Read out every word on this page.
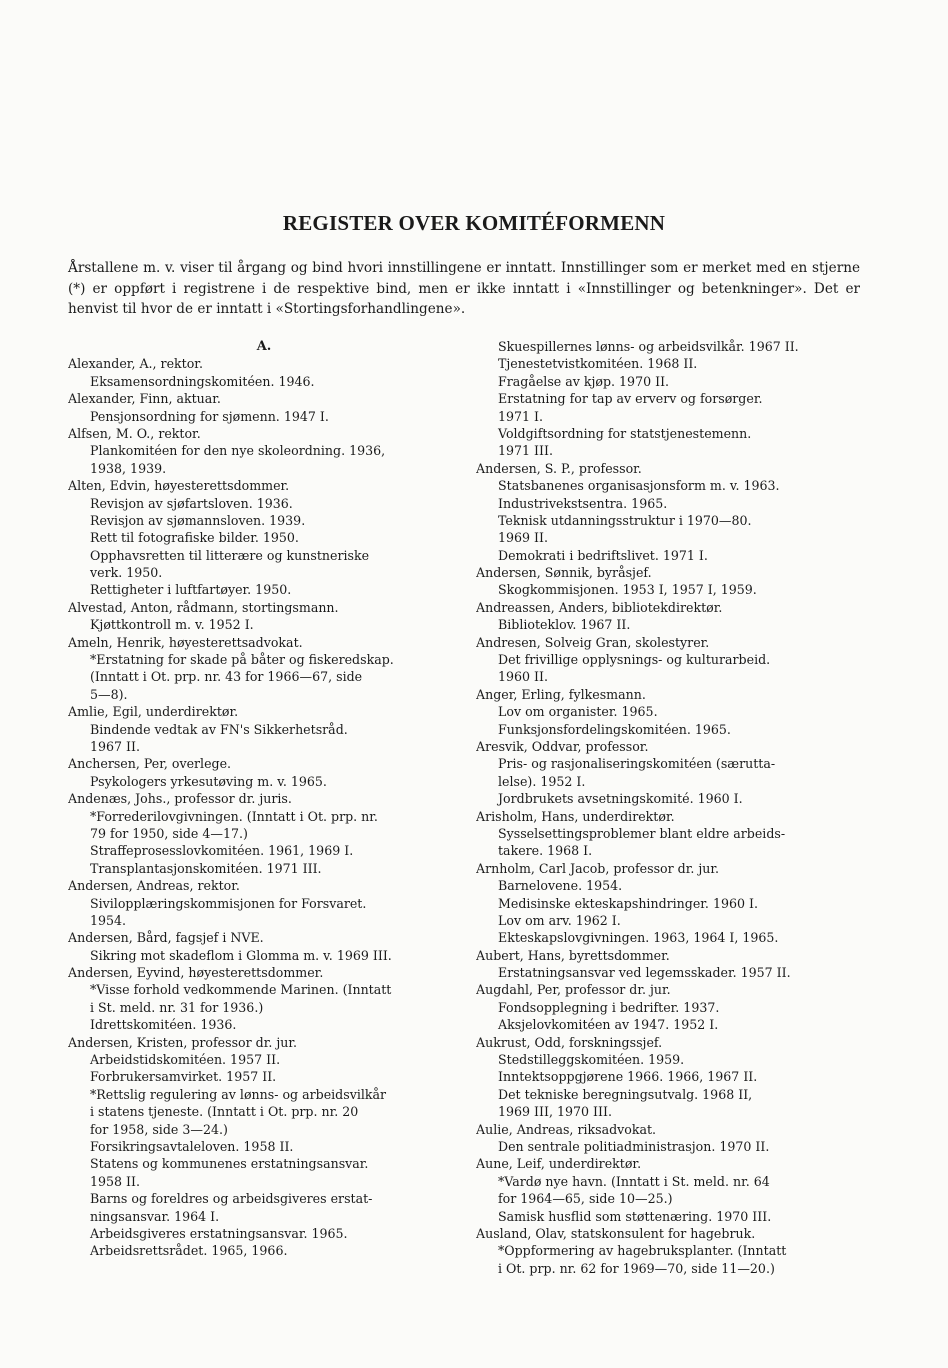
REGISTER OVER KOMITÉFORMENN
Årstallene m. v. viser til årgang og bind hvori innstillingene er inntatt. Innstillinger som er merket med en stjerne (*) er oppført i registrene i de respektive bind, men er ikke inntatt i «Innstillinger og betenkninger». Det er henvist til hvor de er inntatt i «Stortingsforhandlingene».
A.
Alexander, A., rektor.
Eksamensordningskomitéen. 1946.
Alexander, Finn, aktuar.
Pensjonsordning for sjømenn. 1947 I.
Alfsen, M. O., rektor.
Plankomitéen for den nye skoleordning. 1936,
1938, 1939.
Alten, Edvin, høyesterettsdommer.
Revisjon av sjøfartsloven. 1936.
Revisjon av sjømannsloven. 1939.
Rett til fotografiske bilder. 1950.
Opphavsretten til litterære og kunstneriske
verk. 1950.
Rettigheter i luftfartøyer. 1950.
Alvestad, Anton, rådmann, stortingsmann.
Kjøttkontroll m. v. 1952 I.
Ameln, Henrik, høyesterettsadvokat.
*Erstatning for skade på båter og fiskeredskap.
(Inntatt i Ot. prp. nr. 43 for 1966—67, side
5—8).
Amlie, Egil, underdirektør.
Bindende vedtak av FN's Sikkerhetsråd.
1967 II.
Anchersen, Per, overlege.
Psykologers yrkesutøving m. v. 1965.
Andenæs, Johs., professor dr. juris.
*Forrederilovgivningen. (Inntatt i Ot. prp. nr.
79 for 1950, side 4—17.)
Straffeprosesslovkomitéen. 1961, 1969 I.
Transplantasjonskomitéen. 1971 III.
Andersen, Andreas, rektor.
Sivilopplæringskommisjonen for Forsvaret.
1954.
Andersen, Bård, fagsjef i NVE.
Sikring mot skadeflom i Glomma m. v. 1969 III.
Andersen, Eyvind, høyesterettsdommer.
*Visse forhold vedkommende Marinen. (Inntatt
i St. meld. nr. 31 for 1936.)
Idrettskomitéen. 1936.
Andersen, Kristen, professor dr. jur.
Arbeidstidskomitéen. 1957 II.
Forbrukersamvirket. 1957 II.
*Rettslig regulering av lønns- og arbeidsvilkår
i statens tjeneste. (Inntatt i Ot. prp. nr. 20
for 1958, side 3—24.)
Forsikringsavtaleloven. 1958 II.
Statens og kommunenes erstatningsansvar.
1958 II.
Barns og foreldres og arbeidsgiveres erstat-
ningsansvar. 1964 I.
Arbeidsgiveres erstatningsansvar. 1965.
Arbeidsrettsrådet. 1965, 1966.
Skuespillernes lønns- og arbeidsvilkår. 1967 II.
Tjenestetvistkomitéen. 1968 II.
Fragåelse av kjøp. 1970 II.
Erstatning for tap av erverv og forsørger.
1971 I.
Voldgiftsordning for statstjenestemenn.
1971 III.
Andersen, S. P., professor.
Statsbanenes organisasjonsform m. v. 1963.
Industrivekstsentra. 1965.
Teknisk utdanningsstruktur i 1970—80.
1969 II.
Demokrati i bedriftslivet. 1971 I.
Andersen, Sønnik, byråsjef.
Skogkommisjonen. 1953 I, 1957 I, 1959.
Andreassen, Anders, bibliotekdirektør.
Biblioteklov. 1967 II.
Andresen, Solveig Gran, skolestyrer.
Det frivillige opplysnings- og kulturarbeid.
1960 II.
Anger, Erling, fylkesmann.
Lov om organister. 1965.
Funksjonsfordelingskomitéen. 1965.
Aresvik, Oddvar, professor.
Pris- og rasjonaliseringskomitéen (særutta-
lelse). 1952 I.
Jordbrukets avsetningskomité. 1960 I.
Arisholm, Hans, underdirektør.
Sysselsettingsproblemer blant eldre arbeids-
takere. 1968 I.
Arnholm, Carl Jacob, professor dr. jur.
Barnelovene. 1954.
Medisinske ekteskapshindringer. 1960 I.
Lov om arv. 1962 I.
Ekteskapslovgivningen. 1963, 1964 I, 1965.
Aubert, Hans, byrettsdommer.
Erstatningsansvar ved legemsskader. 1957 II.
Augdahl, Per, professor dr. jur.
Fondsopplegning i bedrifter. 1937.
Aksjelovkomitéen av 1947. 1952 I.
Aukrust, Odd, forskningssjef.
Stedstilleggskomitéen. 1959.
Inntektsoppgjørene 1966. 1966, 1967 II.
Det tekniske beregningsutvalg. 1968 II,
1969 III, 1970 III.
Aulie, Andreas, riksadvokat.
Den sentrale politiadministrasjon. 1970 II.
Aune, Leif, underdirektør.
*Vardø nye havn. (Inntatt i St. meld. nr. 64
for 1964—65, side 10—25.)
Samisk husflid som støttenæring. 1970 III.
Ausland, Olav, statskonsulent for hagebruk.
*Oppformering av hagebruksplanter. (Inntatt
i Ot. prp. nr. 62 for 1969—70, side 11—20.)
